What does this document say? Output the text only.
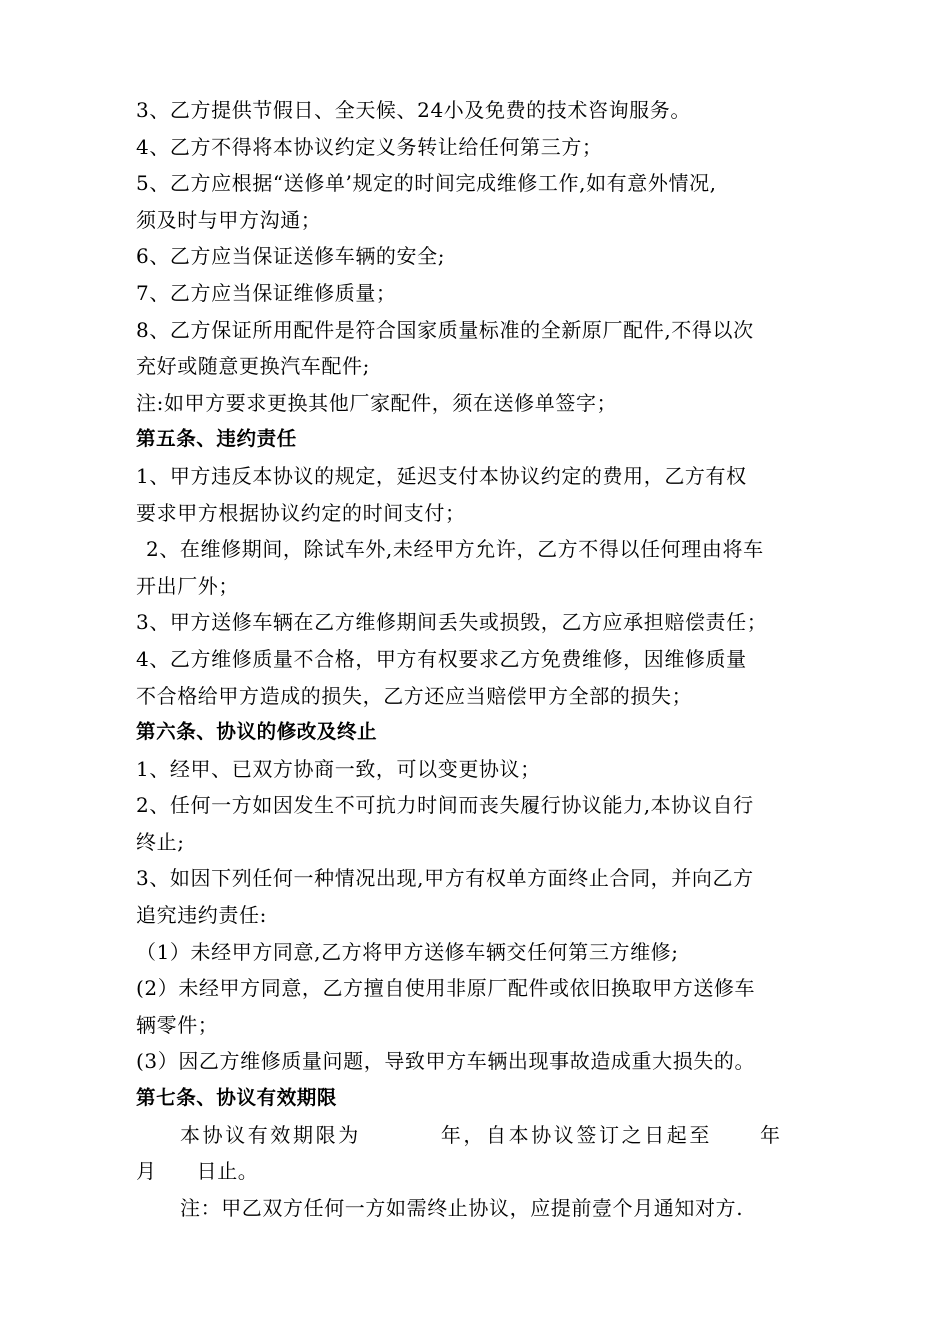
3、乙方提供节假日、全天候、24小及免费的技术咨询服务。
4、乙方不得将本协议约定义务转让给任何第三方；
5、乙方应根据“送修单’规定的时间完成维修工作,如有意外情况,
须及时与甲方沟通；
6、乙方应当保证送修车辆的安全;
7、乙方应当保证维修质量；
8、乙方保证所用配件是符合国家质量标准的全新原厂配件,不得以次
充好或随意更换汽车配件;
注:如甲方要求更换其他厂家配件，须在送修单签字；
第五条、违约责任
1、甲方违反本协议的规定，延迟支付本协议约定的费用，乙方有权
要求甲方根据协议约定的时间支付；
2、在维修期间，除试车外,未经甲方允许，乙方不得以任何理由将车
开出厂外；
3、甲方送修车辆在乙方维修期间丢失或损毁，乙方应承担赔偿责任；
4、乙方维修质量不合格，甲方有权要求乙方免费维修，因维修质量
不合格给甲方造成的损失，乙方还应当赔偿甲方全部的损失；
第六条、协议的修改及终止
1、经甲、已双方协商一致，可以变更协议；
2、任何一方如因发生不可抗力时间而丧失履行协议能力,本协议自行
终止;
3、如因下列任何一种情况出现,甲方有权单方面终止合同，并向乙方
追究违约责任:
（1）未经甲方同意,乙方将甲方送修车辆交任何第三方维修;
(2）未经甲方同意，乙方擅自使用非原厂配件或依旧换取甲方送修车
辆零件；
(3）因乙方维修质量问题，导致甲方车辆出现事故造成重大损失的。
第七条、协议有效期限
本协议有效期限为	年，自本协议签订之日起至 年
月 日止。
注：甲乙双方任何一方如需终止协议，应提前壹个月通知对方.
